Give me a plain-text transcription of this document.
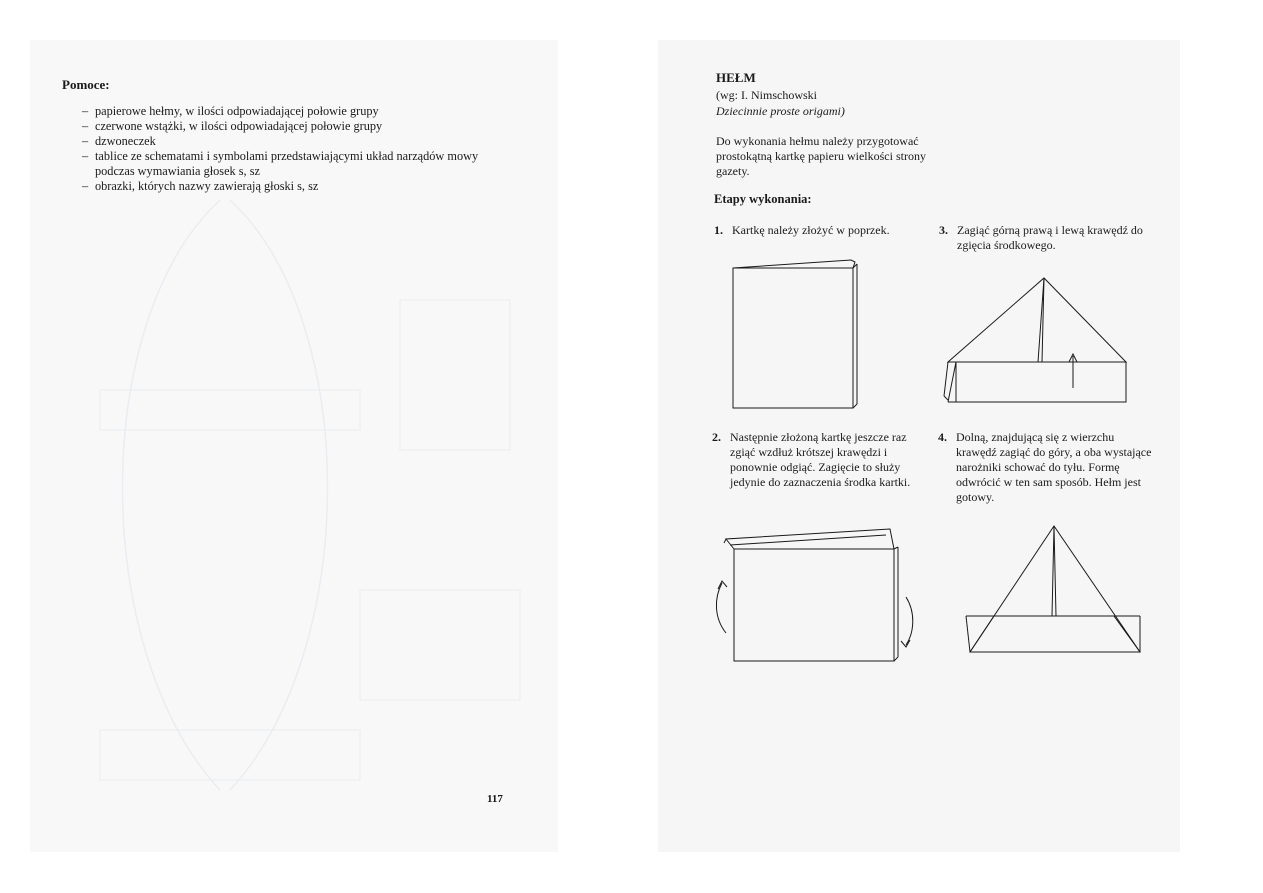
Pomoce:
– papierowe hełmy, w ilości odpowiadającej połowie grupy
– czerwone wstążki, w ilości odpowiadającej połowie grupy
– dzwoneczek
– tablice ze schematami i symbolami przedstawiającymi układ narządów mowy podczas wymawiania głosek s, sz
– obrazki, których nazwy zawierają głoski s, sz
117
HEŁM
(wg: I. Nimschowski
Dziecinnie proste origami)
Do wykonania hełmu należy przygotować prostokątną kartkę papieru wielkości strony gazety.
Etapy wykonania:
1. Kartkę należy złożyć w poprzek.	3. Zagiąć górną prawą i lewą krawędź do zgięcia środkowego.
2. Następnie złożoną kartkę jeszcze raz zgiąć wzdłuż krótszej krawędzi i ponownie odgiąć. Zagięcie to służy jedynie do zaznaczenia środka kartki.
4. Dolną, znajdującą się z wierzchu krawędź zagiąć do góry, a oba wystające narożniki schować do tyłu. Formę odwrócić w ten sam sposób. Hełm jest gotowy.
